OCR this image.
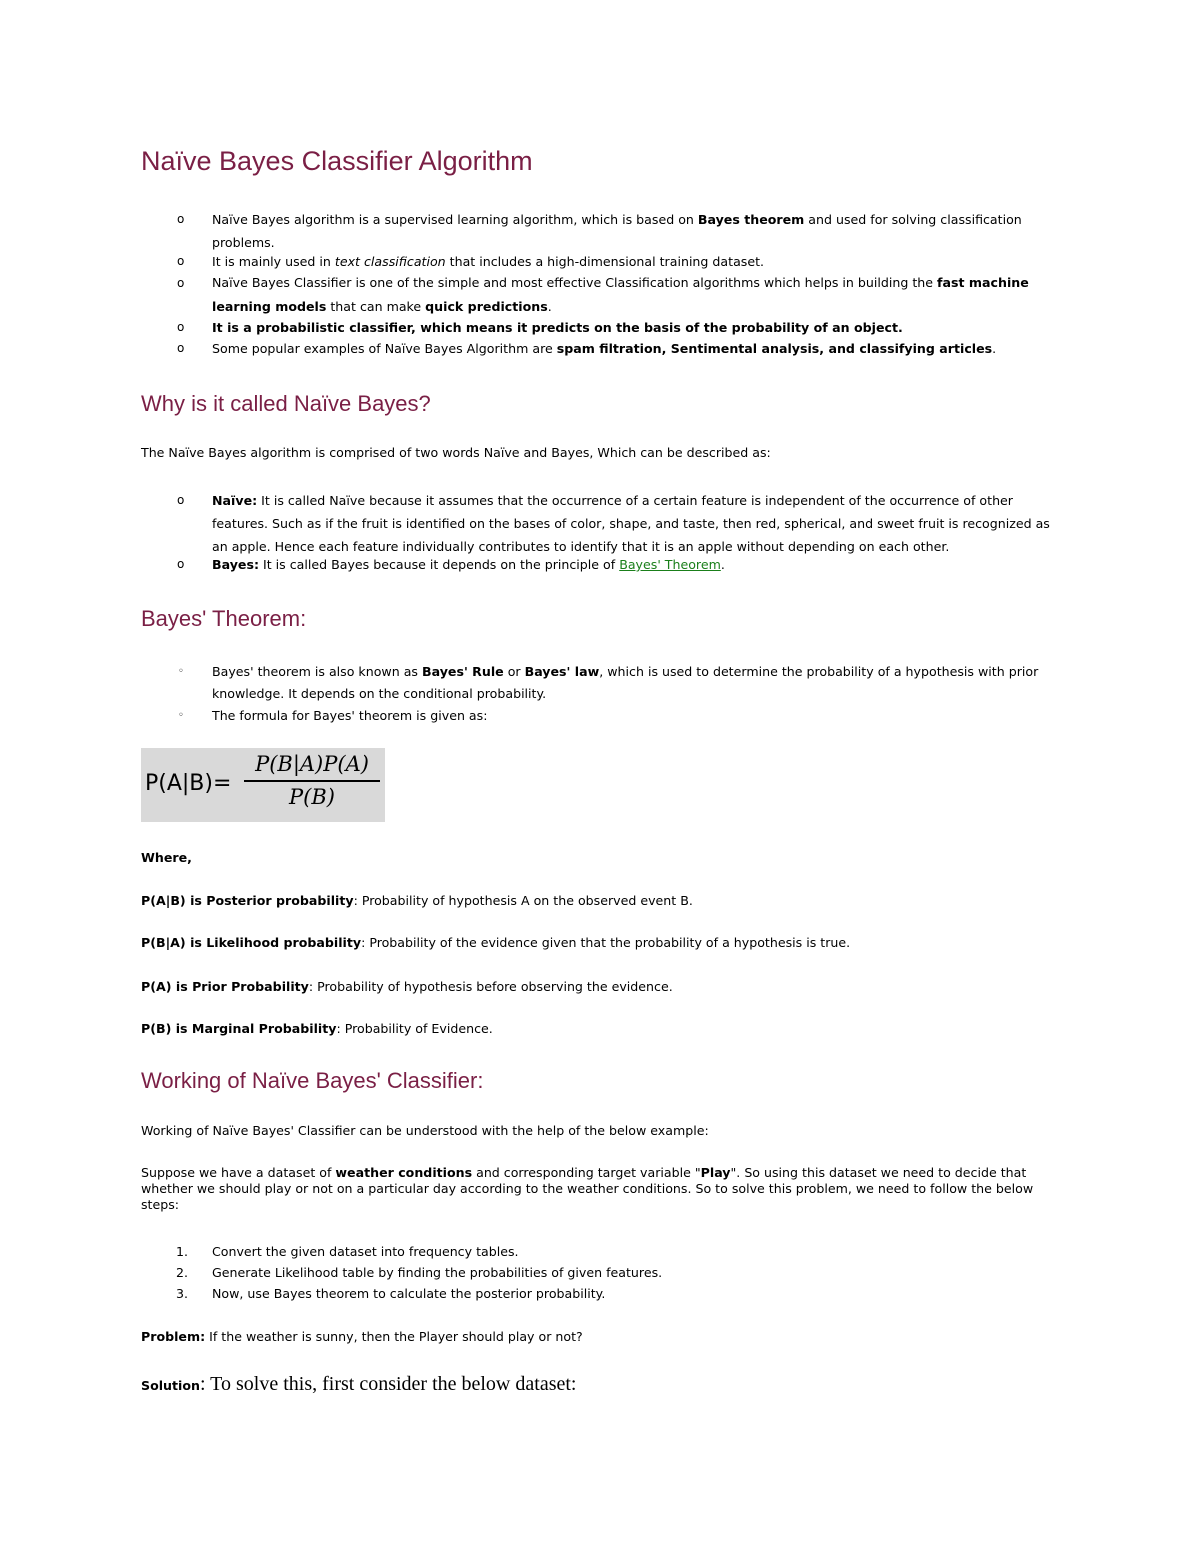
Naïve Bayes Classifier Algorithm
o Naïve Bayes algorithm is a supervised learning algorithm, which is based on Bayes theorem and used for solving classification problems.
o It is mainly used in text classification that includes a high-dimensional training dataset.
o Naïve Bayes Classifier is one of the simple and most effective Classification algorithms which helps in building the fast machine learning models that can make quick predictions.
o It is a probabilistic classifier, which means it predicts on the basis of the probability of an object.
o Some popular examples of Naïve Bayes Algorithm are spam filtration, Sentimental analysis, and classifying articles.
Why is it called Naïve Bayes?

The Naïve Bayes algorithm is comprised of two words Naïve and Bayes, Which can be described as:

o Naïve: It is called Naïve because it assumes that the occurrence of a certain feature is independent of the occurrence of other features. Such as if the fruit is identified on the bases of color, shape, and taste, then red, spherical, and sweet fruit is recognized as an apple. Hence each feature individually contributes to identify that it is an apple without depending on each other.
o Bayes: It is called Bayes because it depends on the principle of Bayes' Theorem.
Bayes' Theorem:
◦ Bayes' theorem is also known as Bayes' Rule or Bayes' law, which is used to determine the probability of a hypothesis with prior knowledge. It depends on the conditional probability.
◦ The formula for Bayes' theorem is given as:
$P(A|B)= \frac{P(B|A)P(A)}{P(B)}$

Where,

P(A|B) is Posterior probability: Probability of hypothesis A on the observed event B.

P(B|A) is Likelihood probability: Probability of the evidence given that the probability of a hypothesis is true.

P(A) is Prior Probability: Probability of hypothesis before observing the evidence.

P(B) is Marginal Probability: Probability of Evidence.

Working of Naïve Bayes' Classifier:

Working of Naïve Bayes' Classifier can be understood with the help of the below example:

Suppose we have a dataset of weather conditions and corresponding target variable "Play". So using this dataset we need to decide that whether we should play or not on a particular day according to the weather conditions. So to solve this problem, we need to follow the below steps:

1. Convert the given dataset into frequency tables.
2. Generate Likelihood table by finding the probabilities of given features.
3. Now, use Bayes theorem to calculate the posterior probability.

Problem: If the weather is sunny, then the Player should play or not?

Solution: To solve this, first consider the below dataset:
